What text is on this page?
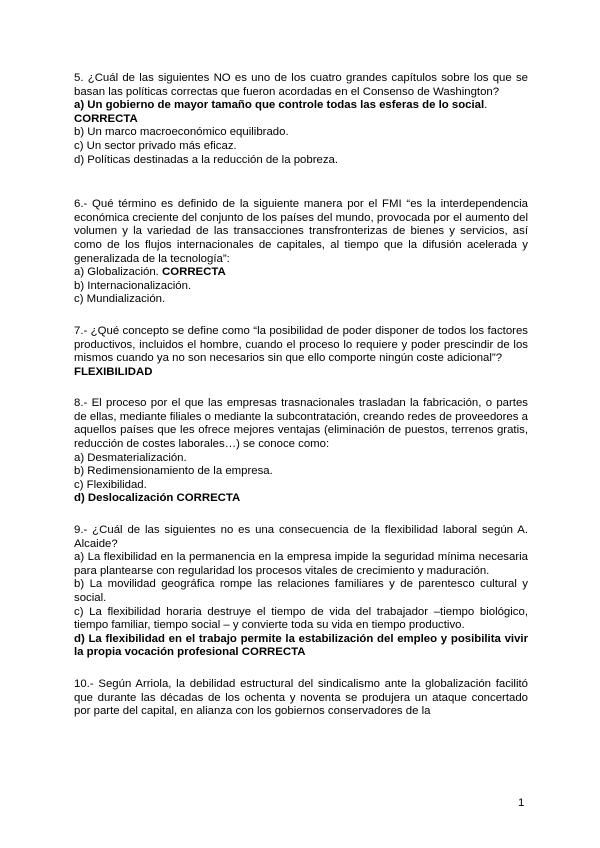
5. ¿Cuál de las siguientes NO es uno de los cuatro grandes capítulos sobre los que se basan las políticas correctas que fueron acordadas en el Consenso de Washington?

a) Un gobierno de mayor tamaño que controle todas las esferas de lo social.

CORRECTA

b) Un marco macroeconómico equilibrado.

c) Un sector privado más eficaz.

d) Políticas destinadas a la reducción de la pobreza.

6.- Qué término es definido de la siguiente manera por el FMI “es la interdependencia económica creciente del conjunto de los países del mundo, provocada por el aumento del volumen y la variedad de las transacciones transfronterizas de bienes y servicios, así como de los flujos internacionales de capitales, al tiempo que la difusión acelerada y generalizada de la tecnología”:

a) Globalización. CORRECTA

b) Internacionalización.

c) Mundialización.

7.- ¿Qué concepto se define como “la posibilidad de poder disponer de todos los factores productivos, incluidos el hombre, cuando el proceso lo requiere y poder prescindir de los mismos cuando ya no son necesarios sin que ello comporte ningún coste adicional”?

FLEXIBILIDAD

8.- El proceso por el que las empresas trasnacionales trasladan la fabricación, o partes de ellas, mediante filiales o mediante la subcontratación, creando redes de proveedores a aquellos países que les ofrece mejores ventajas (eliminación de puestos, terrenos gratis, reducción de costes laborales…) se conoce como:

a) Desmaterialización.

b) Redimensionamiento de la empresa.

c) Flexibilidad.

d) Deslocalización CORRECTA

9.- ¿Cuál de las siguientes no es una consecuencia de la flexibilidad laboral según A. Alcaide?

a) La flexibilidad en la permanencia en la empresa impide la seguridad mínima necesaria para plantearse con regularidad los procesos vitales de crecimiento y maduración.

b) La movilidad geográfica rompe las relaciones familiares y de parentesco cultural y social.

c) La flexibilidad horaria destruye el tiempo de vida del trabajador –tiempo biológico, tiempo familiar, tiempo social – y convierte toda su vida en tiempo productivo.

d) La flexibilidad en el trabajo permite la estabilización del empleo y posibilita vivir la propia vocación profesional CORRECTA

10.- Según Arriola, la debilidad estructural del sindicalismo ante la globalización facilitó que durante las décadas de los ochenta y noventa se produjera un ataque concertado por parte del capital, en alianza con los gobiernos conservadores de la

1
